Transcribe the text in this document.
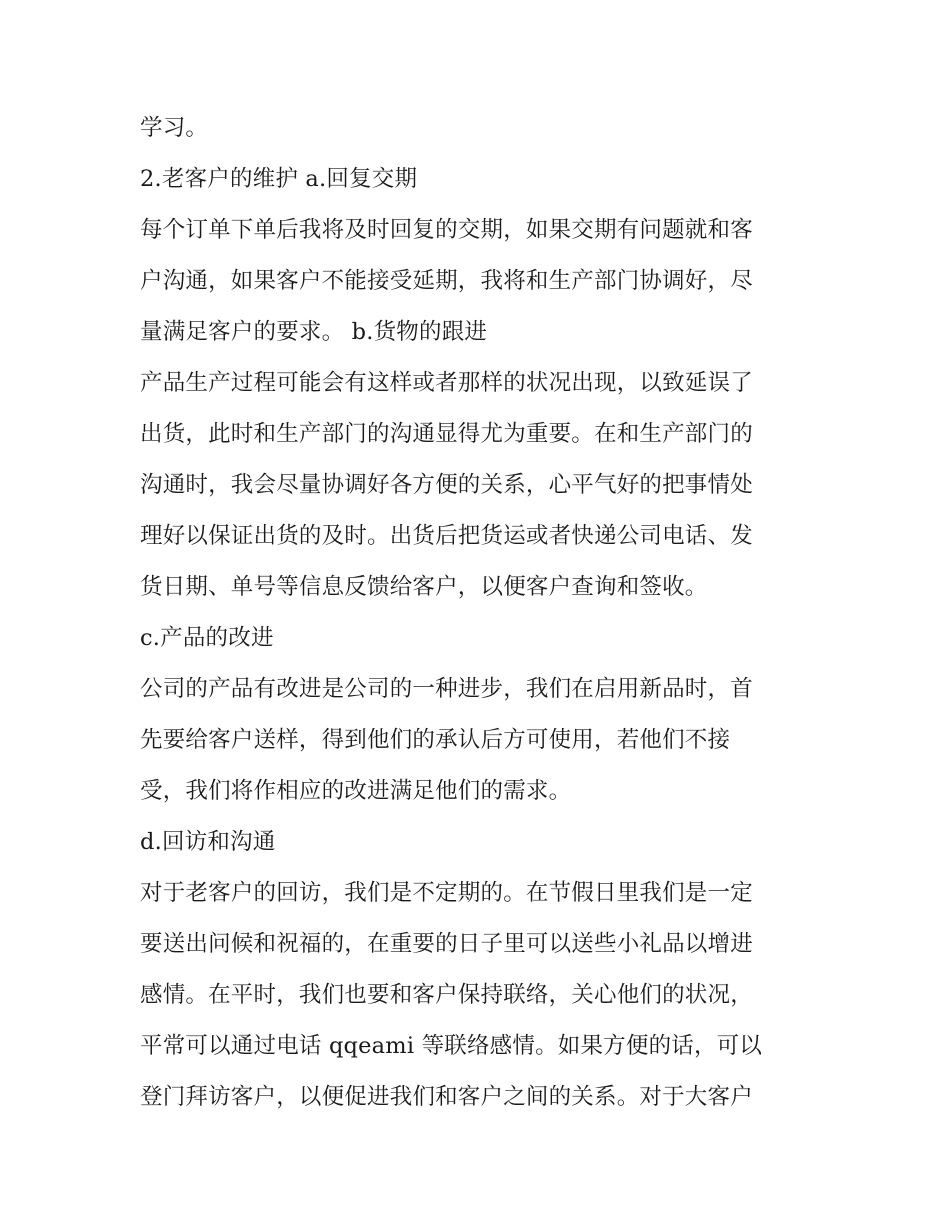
学习。
2.老客户的维护 a.回复交期
每个订单下单后我将及时回复的交期，如果交期有问题就和客
户沟通，如果客户不能接受延期，我将和生产部门协调好，尽
量满足客户的要求。 b.货物的跟进
产品生产过程可能会有这样或者那样的状况出现，以致延误了
出货，此时和生产部门的沟通显得尤为重要。在和生产部门的
沟通时，我会尽量协调好各方便的关系，心平气好的把事情处
理好以保证出货的及时。出货后把货运或者快递公司电话、发
货日期、单号等信息反馈给客户，以便客户查询和签收。
c.产品的改进
公司的产品有改进是公司的一种进步，我们在启用新品时，首
先要给客户送样，得到他们的承认后方可使用，若他们不接
受，我们将作相应的改进满足他们的需求。
d.回访和沟通
对于老客户的回访，我们是不定期的。在节假日里我们是一定
要送出问候和祝福的，在重要的日子里可以送些小礼品以增进
感情。在平时，我们也要和客户保持联络，关心他们的状况，
平常可以通过电话 qqeami 等联络感情。如果方便的话，可以
登门拜访客户，以便促进我们和客户之间的关系。对于大客户
